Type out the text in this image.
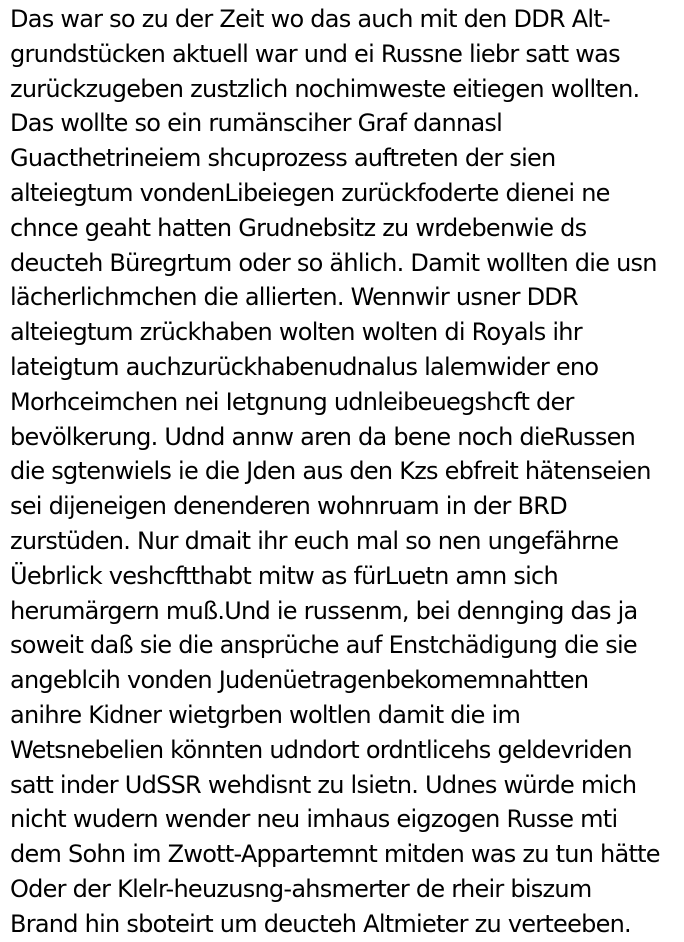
Das war so zu der Zeit wo das auch mit den DDR Alt-
grundstücken aktuell war und ei Russne liebr satt was
zurückzugeben zustzlich nochimweste eitiegen wollten.
Das wollte so ein rumänsciher Graf dannasl
Guacthetrineiem shcuprozess auftreten der sien
alteiegtum vondenLibeiegen zurückfoderte dienei ne
chnce geaht hatten Grudnebsitz zu wrdebenwie ds
deucteh Büregrtum oder so ählich. Damit wollten die usn
lächerlichmchen die allierten. Wennwir usner DDR
alteiegtum zrückhaben wolten wolten di Royals ihr
lateigtum auchzurückhabenudnalus lalemwider eno
Morhceimchen nei Ietgnung udnleibeuegshcft der
bevölkerung. Udnd annw aren da bene noch dieRussen
die sgtenwiels ie die Jden aus den Kzs ebfreit hätenseien
sei dijeneigen denenderen wohnruam in der BRD
zurstüden. Nur dmait ihr euch mal so nen ungefährne
Üebrlick veshcftthabt mitw as fürLuetn amn sich
herumärgern muß.Und ie russenm, bei dennging das ja
soweit daß sie die ansprüche auf Enstchädigung die sie
angeblcih vonden Judenüetragenbekomemnahtten
anihre Kidner wietgrben woltlen damit die im
Wetsnebelien könnten udndort ordntlicehs geldevriden
satt inder UdSSR wehdisnt zu lsietn. Udnes würde mich
nicht wudern wender neu imhaus eigzogen Russe mti
dem Sohn im Zwott-Appartemnt mitden was zu tun hätte
Oder der Klelr-heuzusng-ahsmerter de rheir biszum
Brand hin sboteirt um deucteh Altmieter zu verteeben.
